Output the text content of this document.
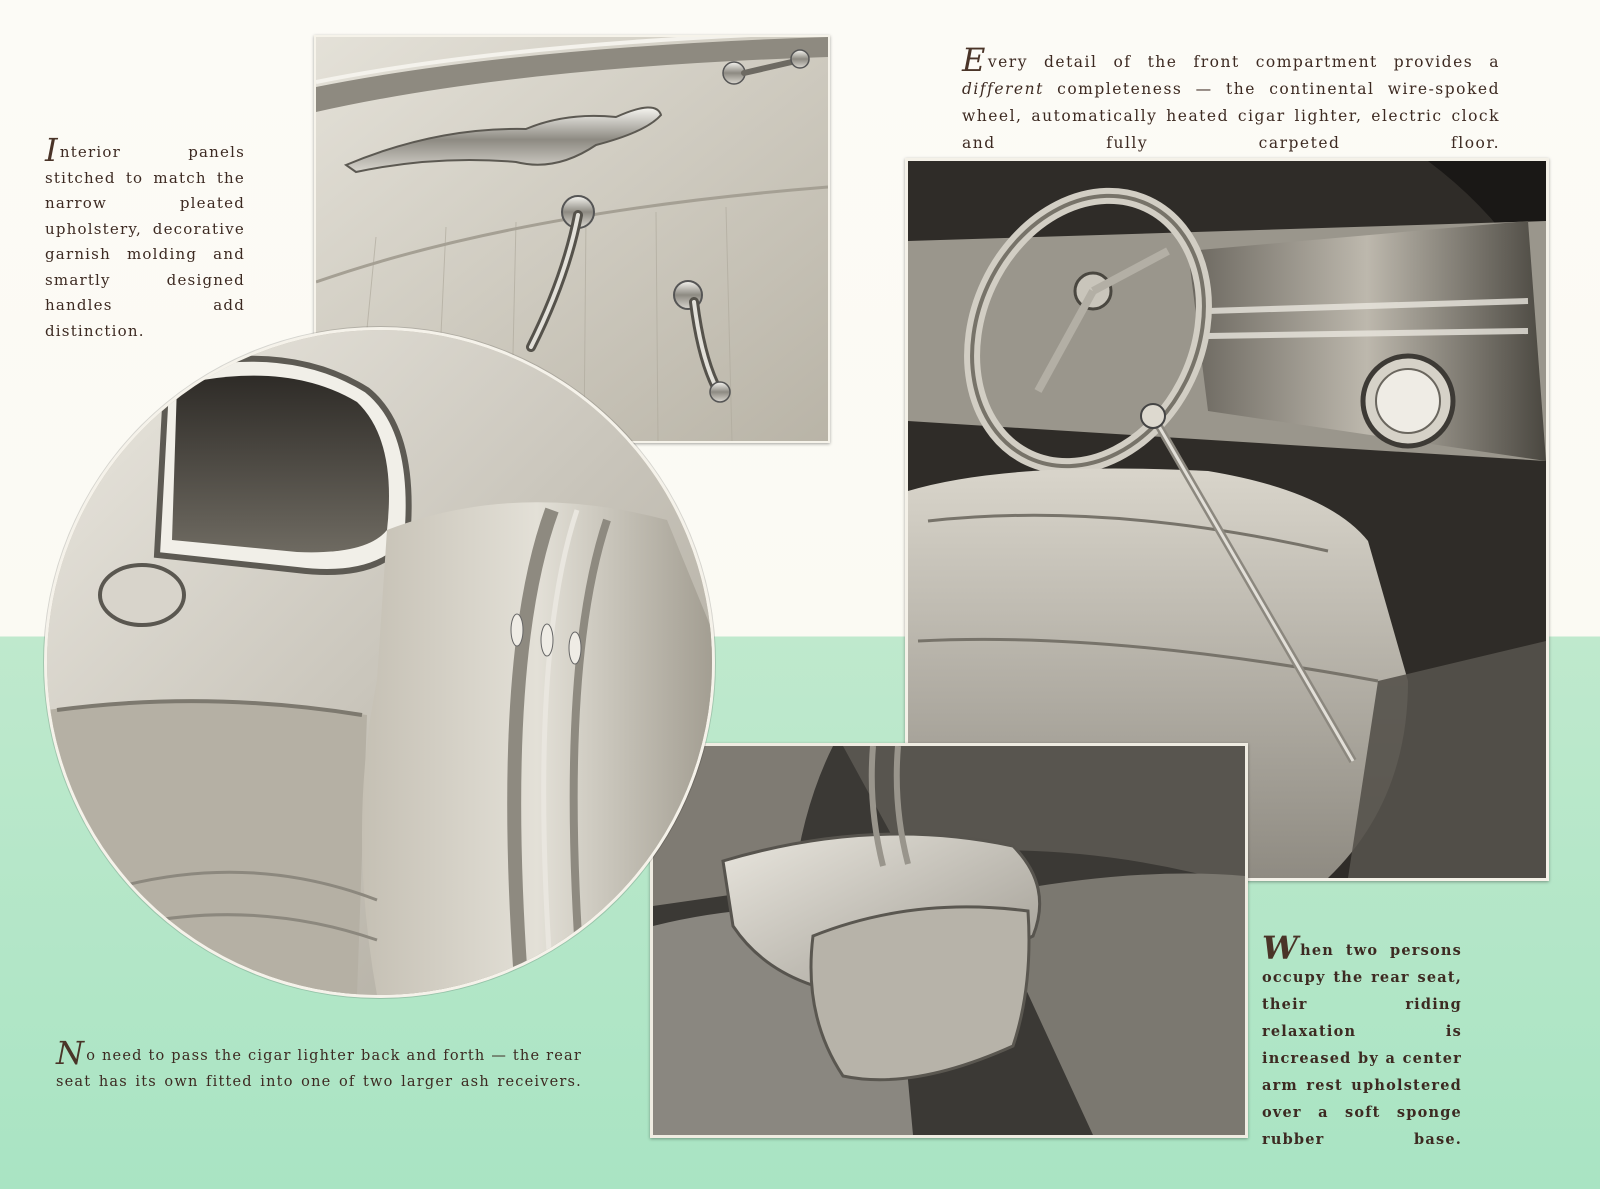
Every detail of the front compartment provides a different completeness — the continental wire-spoked wheel, automatically heated cigar lighter, electric clock and fully carpeted floor.

Interior panels stitched to match the narrow pleated upholstery, decorative garnish molding and smartly designed handles add distinction.

No need to pass the cigar lighter back and forth — the rear seat has its own fitted into one of two larger ash receivers.

When two persons occupy the rear seat, their riding relaxation is increased by a center arm rest upholstered over a soft sponge rubber base.
